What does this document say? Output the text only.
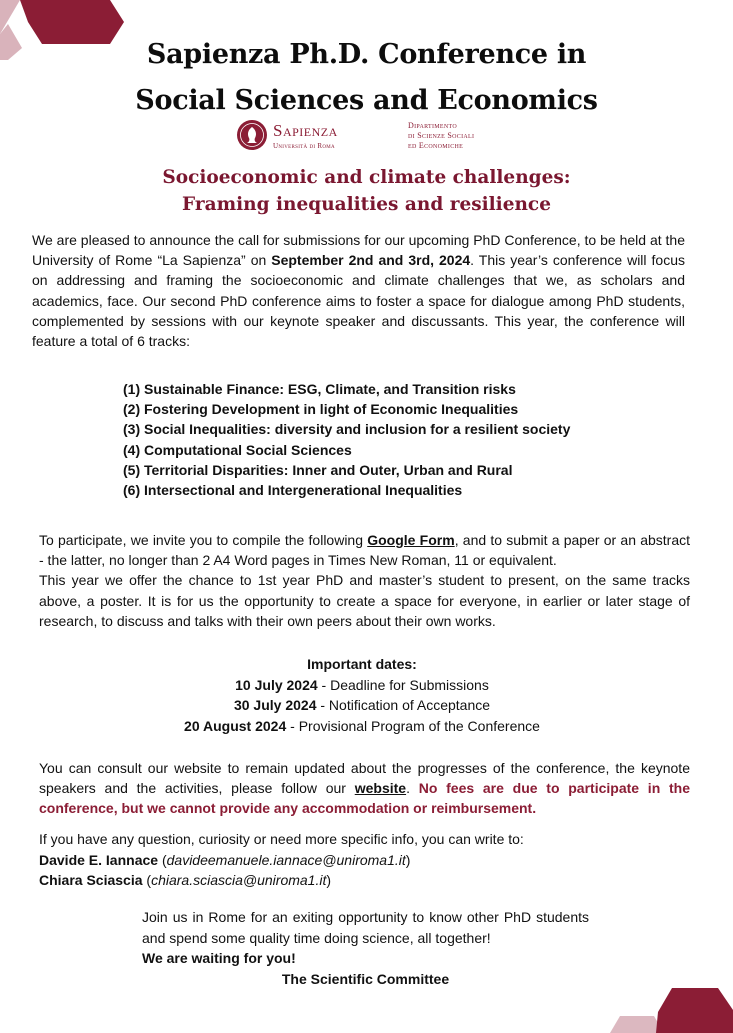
Sapienza Ph.D. Conference in
Social Sciences and Economics
Sapienza
Università di Roma
Dipartimento
di Scienze Sociali
ed Economiche
Socioeconomic and climate challenges:
Framing inequalities and resilience

We are pleased to announce the call for submissions for our upcoming PhD Conference, to be held at the University of Rome “La Sapienza” on September 2nd and 3rd, 2024. This year’s conference will focus on addressing and framing the socioeconomic and climate challenges that we, as scholars and academics, face. Our second PhD conference aims to foster a space for dialogue among PhD students, complemented by sessions with our keynote speaker and discussants. This year, the conference will feature a total of 6 tracks:

(1) Sustainable Finance: ESG, Climate, and Transition risks
(2) Fostering Development in light of Economic Inequalities
(3) Social Inequalities: diversity and inclusion for a resilient society
(4) Computational Social Sciences
(5) Territorial Disparities: Inner and Outer, Urban and Rural
(6) Intersectional and Intergenerational Inequalities
To participate, we invite you to compile the following Google Form, and to submit a paper or an abstract - the latter, no longer than 2 A4 Word pages in Times New Roman, 11 or equivalent.
This year we offer the chance to 1st year PhD and master’s student to present, on the same tracks above, a poster. It is for us the opportunity to create a space for everyone, in earlier or later stage of research, to discuss and talks with their own peers about their own works.
Important dates:
10 July 2024 - Deadline for Submissions
30 July 2024 - Notification of Acceptance
20 August 2024 - Provisional Program of the Conference

You can consult our website to remain updated about the progresses of the conference, the keynote speakers and the activities, please follow our website. No fees are due to participate in the conference, but we cannot provide any accommodation or reimbursement.

If you have any question, curiosity or need more specific info, you can write to:
Davide E. Iannace (davideemanuele.iannace@uniroma1.it)
Chiara Sciascia (chiara.sciascia@uniroma1.it)
Join us in Rome for an exiting opportunity to know other PhD students and spend some quality time doing science, all together!
We are waiting for you!
The Scientific Committee
